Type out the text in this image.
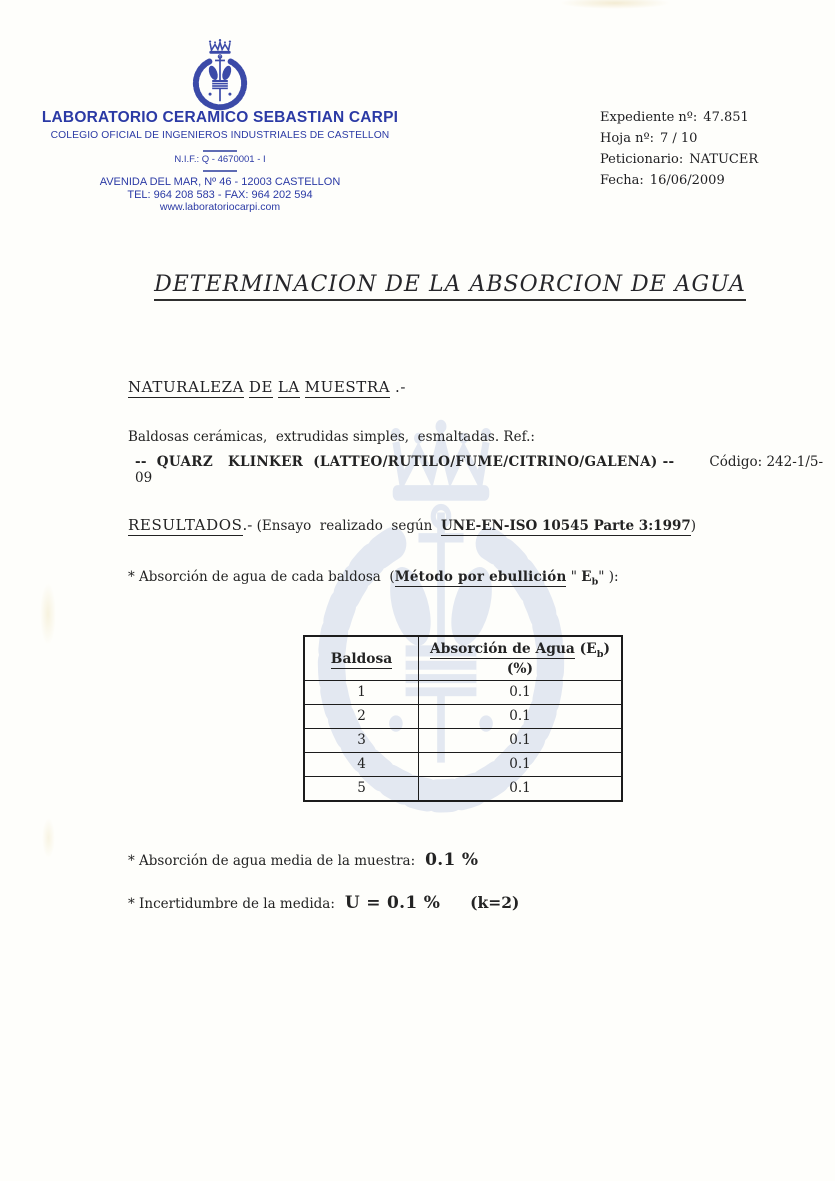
LABORATORIO CERAMICO SEBASTIAN CARPI
COLEGIO OFICIAL DE INGENIEROS INDUSTRIALES DE CASTELLON
N.I.F.: Q - 4670001 - I
AVENIDA DEL MAR, Nº 46 - 12003 CASTELLON
TEL: 964 208 583 - FAX: 964 202 594
www.laboratoriocarpi.com
Expediente nº: 47.851
Hoja nº: 7 / 10
Peticionario: NATUCER
Fecha: 16/06/2009
DETERMINACION DE LA ABSORCION DE AGUA
NATURALEZA DE LA MUESTRA .-
Baldosas cerámicas,  extrudidas simples,  esmaltadas. Ref.:
--  QUARZ   KLINKER  (LATTEO/RUTILO/FUME/CITRINO/GALENA) --	Código: 242-1/5-09
RESULTADOS.- (Ensayo  realizado  según  UNE-EN-ISO 10545 Parte 3:1997)
* Absorción de agua de cada baldosa  (Método por ebullición " $E_b$" ):
Baldosa	Absorción de Agua $(E_b)$
(%)

1	0.1
2	0.1
3	0.1
4	0.1
5	0.1
* Absorción de agua media de la muestra: 0.1 %
* Incertidumbre de la medida: U = 0.1 % (k=2)
